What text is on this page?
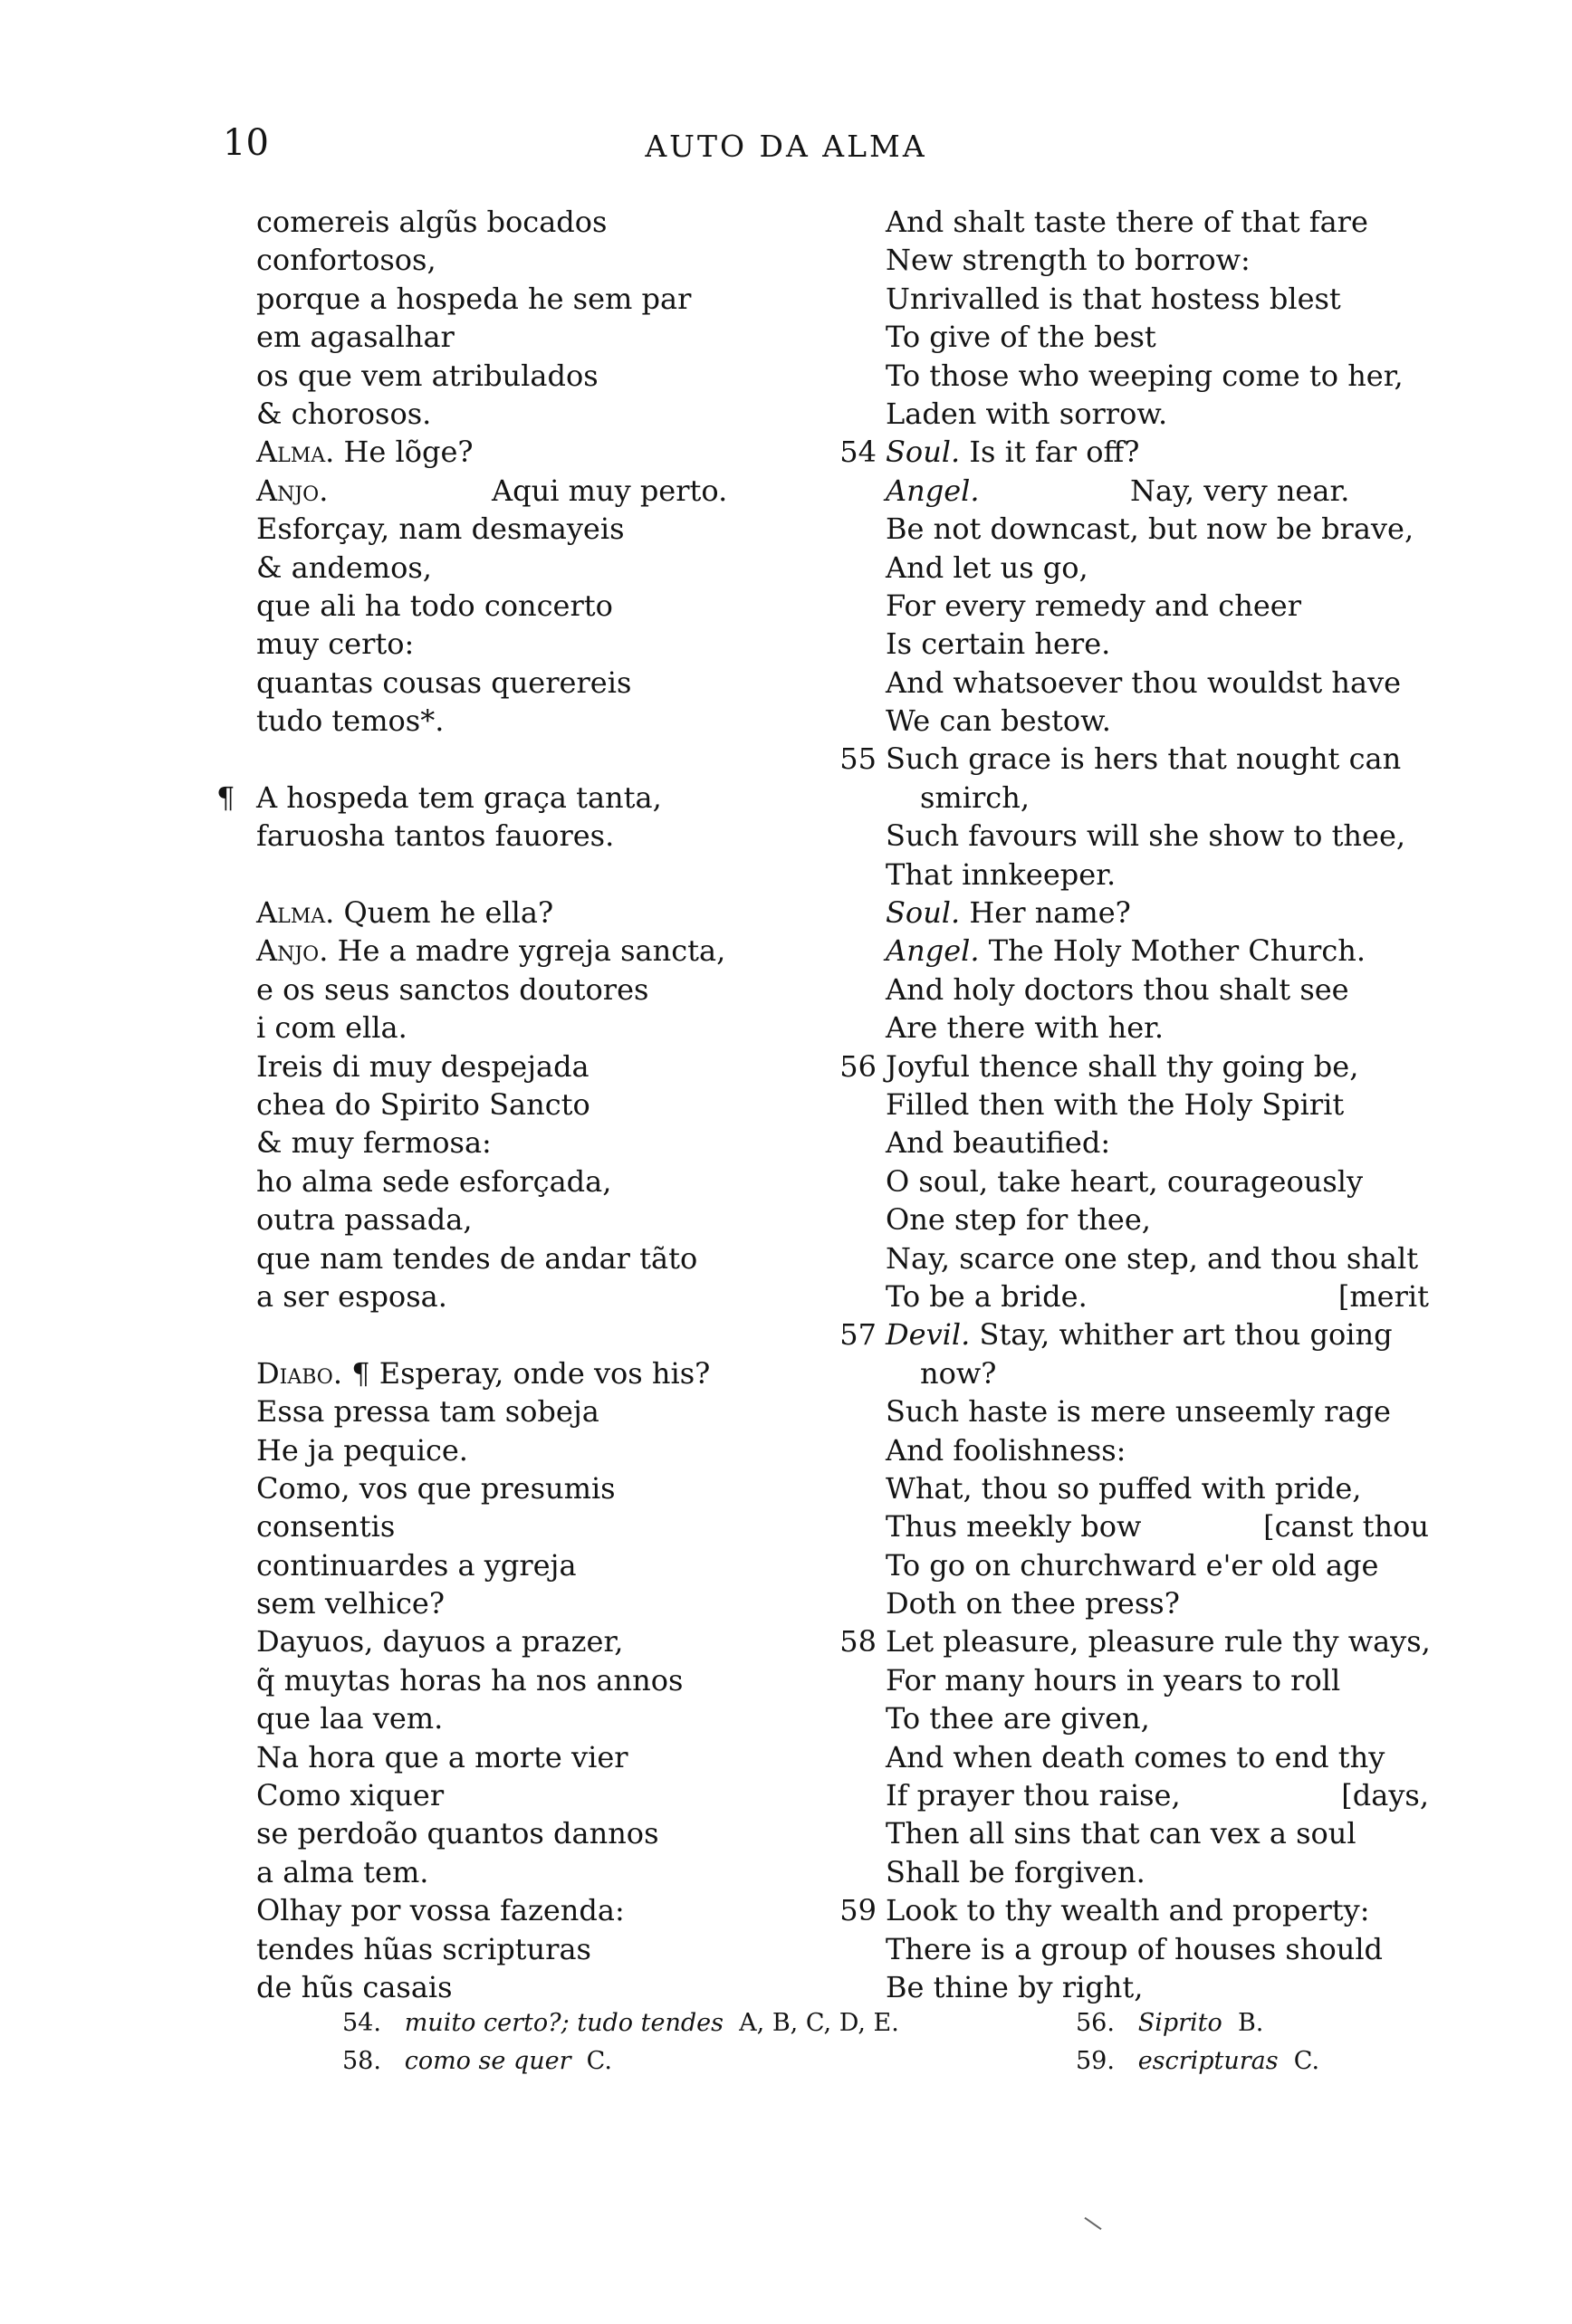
10	AUTO DA ALMA
comereis algũs bocados
confortosos,
porque a hospeda he sem par
em agasalhar
os que vem atribulados
& chorosos.
Alma. He lõge?
Anjo.	Aqui muy perto.
Esforçay, nam desmayeis
& andemos,
que ali ha todo concerto
muy certo:
quantas cousas querereis
tudo temos*.
¶ A hospeda tem graça tanta,
faruosha tantos fauores.
Alma. Quem he ella?
Anjo. He a madre ygreja sancta,
e os seus sanctos doutores
i com ella.
Ireis di muy despejada
chea do Spirito Sancto
& muy fermosa:
ho alma sede esforçada,
outra passada,
que nam tendes de andar tãto
a ser esposa.
Diabo. ¶ Esperay, onde vos his?
Essa pressa tam sobeja
He ja pequice.
Como, vos que presumis
consentis
continuardes a ygreja
sem velhice?
Dayuos, dayuos a prazer,
q̃ muytas horas ha nos annos
que laa vem.
Na hora que a morte vier
Como xiquer
se perdoão quantos dannos
a alma tem.
Olhay por vossa fazenda:
tendes hũas scripturas
de hũs casais
And shalt taste there of that fare
New strength to borrow:
Unrivalled is that hostess blest
To give of the best
To those who weeping come to her,
Laden with sorrow.
54 Soul. Is it far off?
Angel.	Nay, very near.
Be not downcast, but now be brave,
And let us go,
For every remedy and cheer
Is certain here.
And whatsoever thou wouldst have
We can bestow.
55 Such grace is hers that nought can
smirch,
Such favours will she show to thee,
That innkeeper.
Soul. Her name?
Angel. The Holy Mother Church.
And holy doctors thou shalt see
Are there with her.
56 Joyful thence shall thy going be,
Filled then with the Holy Spirit
And beautified:
O soul, take heart, courageously
One step for thee,
Nay, scarce one step, and thou shalt
To be a bride.	[merit
57 Devil. Stay, whither art thou going
now?
Such haste is mere unseemly rage
And foolishness:
What, thou so puffed with pride,
Thus meekly bow	[canst thou
To go on churchward e'er old age
Doth on thee press?
58 Let pleasure, pleasure rule thy ways,
For many hours in years to roll
To thee are given,
And when death comes to end thy
If prayer thou raise,	[days,
Then all sins that can vex a soul
Shall be forgiven.
59 Look to thy wealth and property:
There is a group of houses should
Be thine by right,
54. muito certo?; tudo tendes A, B, C, D, E.
58. como se quer C.
56. Siprito B.
59. escripturas C.
